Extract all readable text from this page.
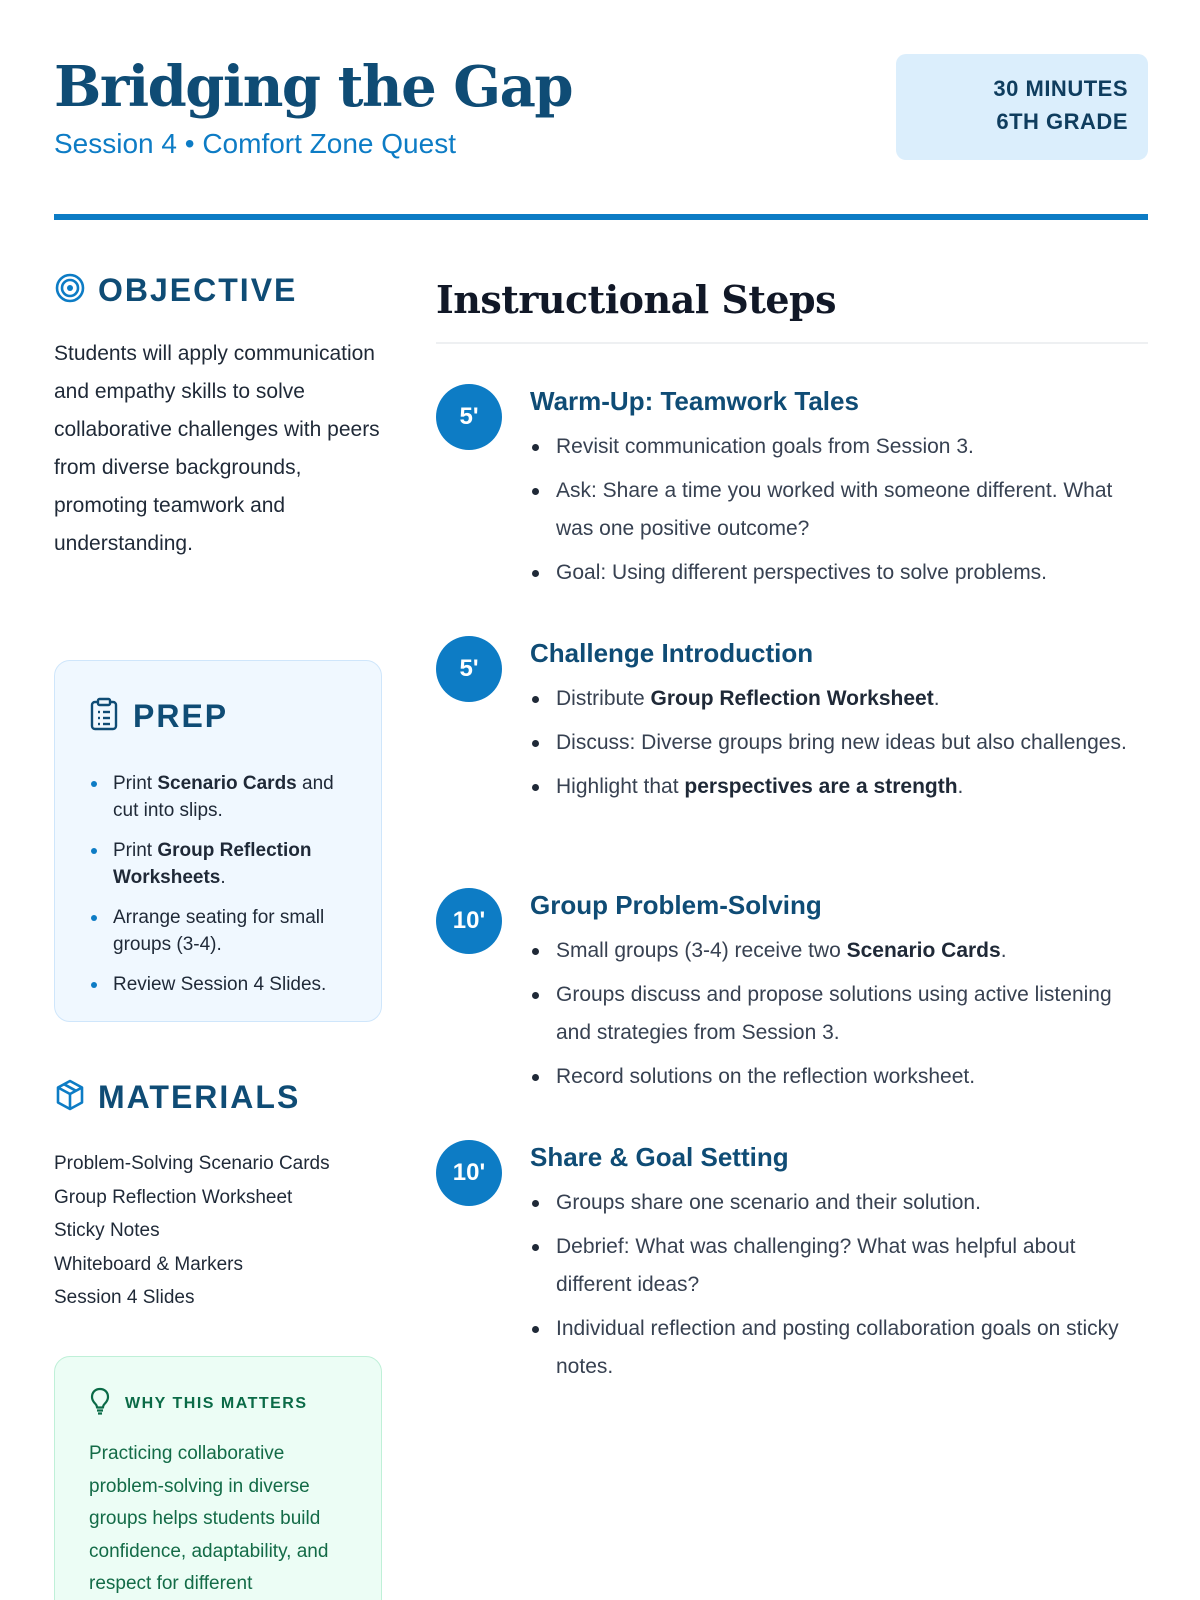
Bridging the Gap
Session 4 • Comfort Zone Quest
30 MINUTES
6TH GRADE
OBJECTIVE

Students will apply communication and empathy skills to solve collaborative challenges with peers from diverse backgrounds, promoting teamwork and understanding.

PREP
Print Scenario Cards and cut into slips.
Print Group Reflection Worksheets.
Arrange seating for small groups (3-4).
Review Session 4 Slides.
MATERIALS
Problem-Solving Scenario Cards
Group Reflection Worksheet
Sticky Notes
Whiteboard & Markers
Session 4 Slides
WHY THIS MATTERS

Practicing collaborative problem-solving in diverse groups helps students build confidence, adaptability, and respect for different

Instructional Steps
5'
Warm-Up: Teamwork Tales
Revisit communication goals from Session 3.
Ask: Share a time you worked with someone different. What was one positive outcome?
Goal: Using different perspectives to solve problems.
5'
Challenge Introduction
Distribute Group Reflection Worksheet.
Discuss: Diverse groups bring new ideas but also challenges.
Highlight that perspectives are a strength.
10'
Group Problem-Solving
Small groups (3-4) receive two Scenario Cards.
Groups discuss and propose solutions using active listening and strategies from Session 3.
Record solutions on the reflection worksheet.
10'
Share & Goal Setting
Groups share one scenario and their solution.
Debrief: What was challenging? What was helpful about different ideas?
Individual reflection and posting collaboration goals on sticky notes.
